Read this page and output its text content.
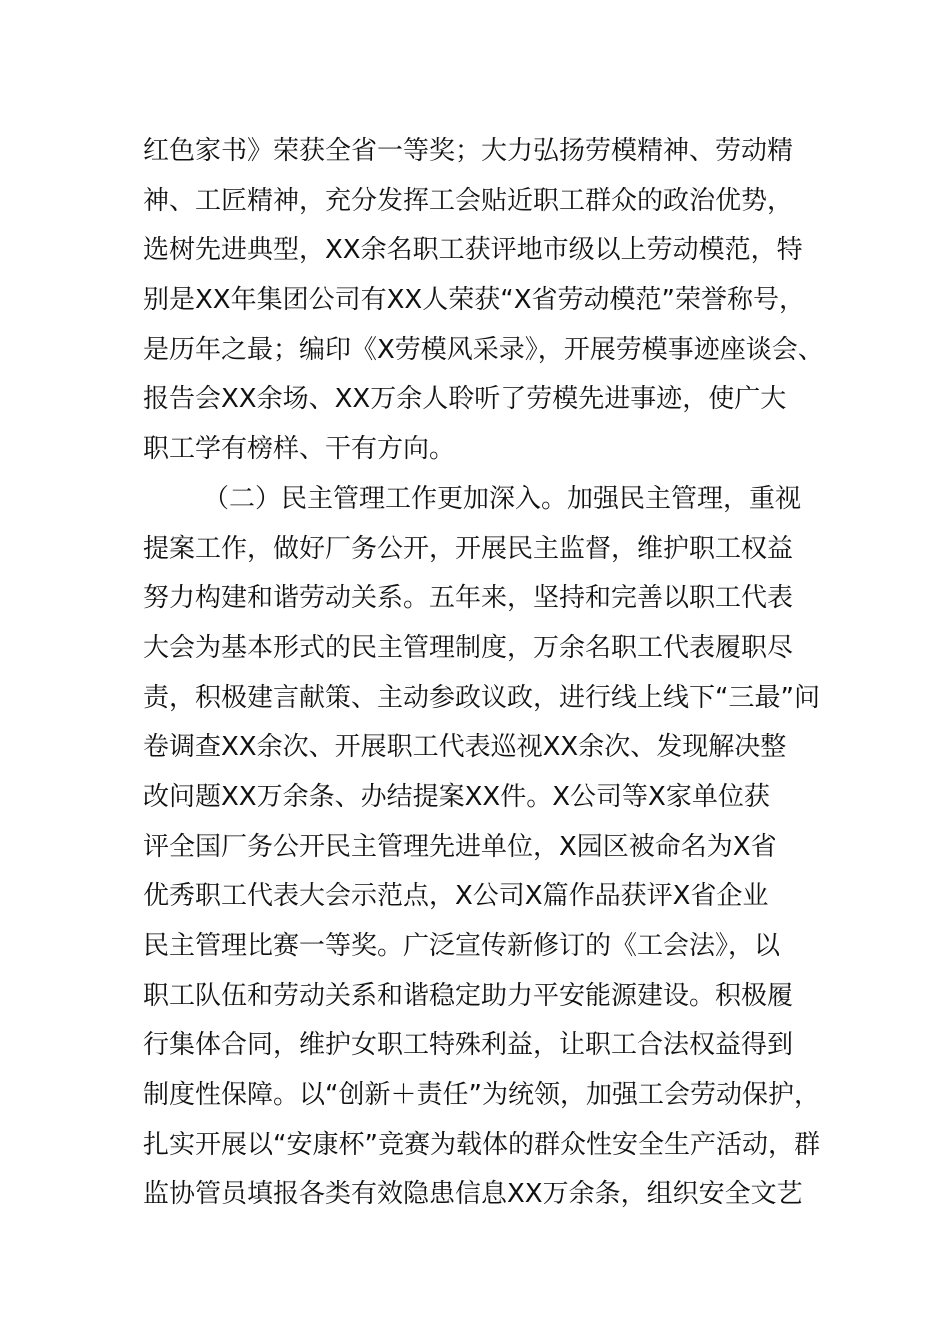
红色家书》荣获全省一等奖；大力弘扬劳模精神、劳动精
神、工匠精神，充分发挥工会贴近职工群众的政治优势，
选树先进典型，XX余名职工获评地市级以上劳动模范，特
别是XX年集团公司有XX人荣获“X省劳动模范”荣誉称号，
是历年之最；编印《X劳模风采录》，开展劳模事迹座谈会、
报告会XX余场、XX万余人聆听了劳模先进事迹，使广大
职工学有榜样、干有方向。
（二）民主管理工作更加深入。加强民主管理，重视
提案工作，做好厂务公开，开展民主监督，维护职工权益
努力构建和谐劳动关系。五年来，坚持和完善以职工代表
大会为基本形式的民主管理制度，万余名职工代表履职尽
责，积极建言献策、主动参政议政，进行线上线下“三最”问
卷调查XX余次、开展职工代表巡视XX余次、发现解决整
改问题XX万余条、办结提案XX件。X公司等X家单位获
评全国厂务公开民主管理先进单位，X园区被命名为X省
优秀职工代表大会示范点，X公司X篇作品获评X省企业
民主管理比赛一等奖。广泛宣传新修订的《工会法》，以
职工队伍和劳动关系和谐稳定助力平安能源建设。积极履
行集体合同，维护女职工特殊利益，让职工合法权益得到
制度性保障。以“创新＋责任”为统领，加强工会劳动保护，
扎实开展以“安康杯”竞赛为载体的群众性安全生产活动，群
监协管员填报各类有效隐患信息XX万余条，组织安全文艺
